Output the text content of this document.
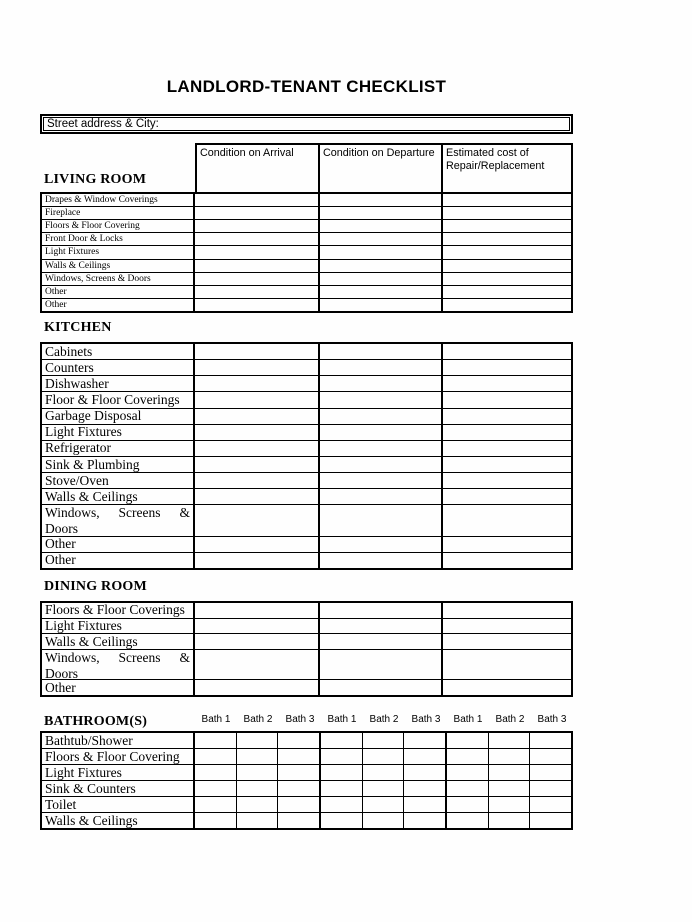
LANDLORD-TENANT CHECKLIST
Street address & City:
Condition on Arrival	Condition on Departure	Estimated cost of Repair/Replacement
LIVING ROOM
Drapes & Window Coverings
Fireplace
Floors & Floor Covering
Front Door & Locks
Light Fixtures
Walls & Ceilings
Windows, Screens & Doors
Other
Other
KITCHEN
Cabinets
Counters
Dishwasher
Floor & Floor Coverings
Garbage Disposal
Light Fixtures
Refrigerator
Sink & Plumbing
Stove/Oven
Walls & Ceilings
Windows, Screens &
Doors
Other
Other
DINING ROOM
Floors & Floor Coverings
Light Fixtures
Walls & Ceilings
Windows, Screens &
Doors
Other
BATHROOM(S)	Bath 1	Bath 2	Bath 3	Bath 1	Bath 2	Bath 3	Bath 1	Bath 2	Bath 3
Bathtub/Shower
Floors & Floor Covering
Light Fixtures
Sink & Counters
Toilet
Walls & Ceilings
